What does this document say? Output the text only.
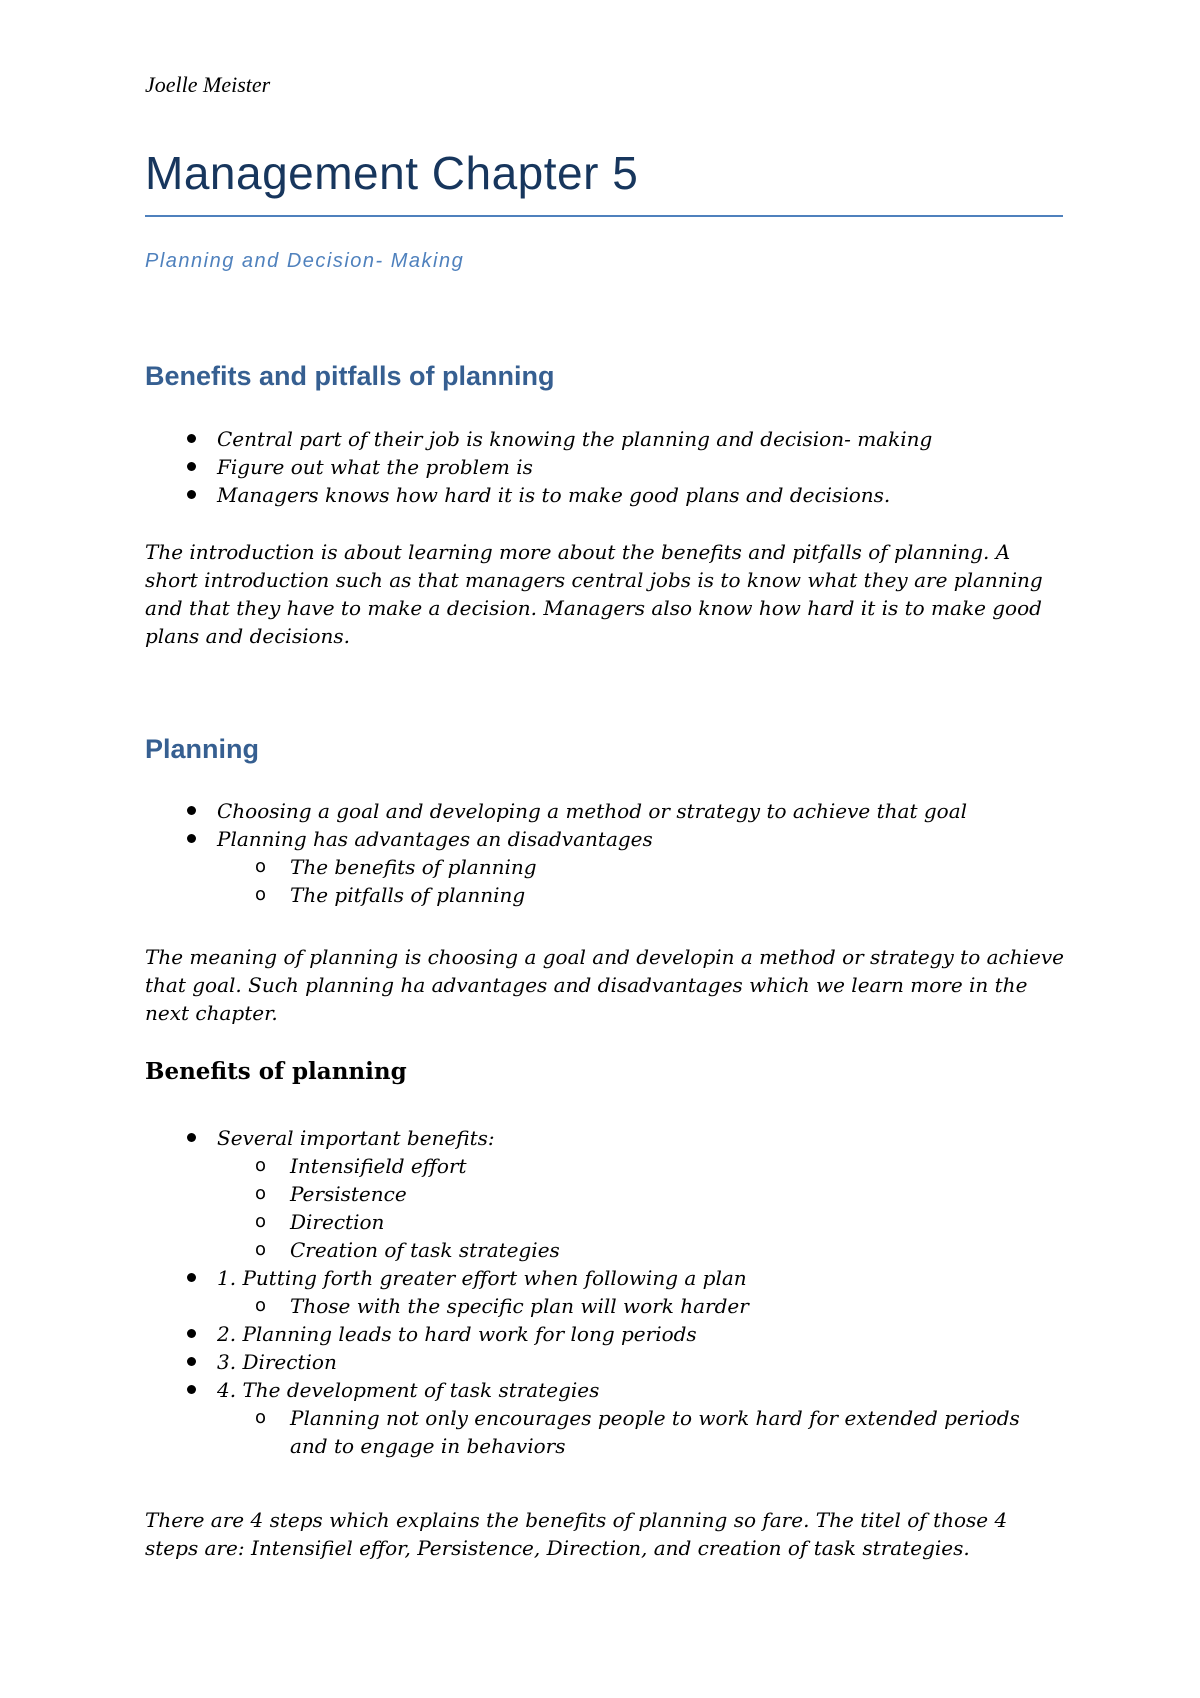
Joelle Meister
Management Chapter 5
Planning and Decision- Making
Benefits and pitfalls of planning
Central part of their job is knowing the planning and decision- making
Figure out what the problem is
Managers knows how hard it is to make good plans and decisions.

The introduction is about learning more about the benefits and pitfalls of planning. A short introduction such as that managers central jobs is to know what they are planning and that they have to make a decision. Managers also know how hard it is to make good plans and decisions.

Planning
Choosing a goal and developing a method or strategy to achieve that goal
Planning has advantages an disadvantages
o The benefits of planning
o The pitfalls of planning

The meaning of planning is choosing a goal and developin a method or strategy to achieve that goal. Such planning ha advantages and disadvantages which we learn more in the next chapter.

Benefits of planning
Several important benefits:
o Intensifield effort
o Persistence
o Direction
o Creation of task strategies
1. Putting forth greater effort when following a plan
o Those with the specific plan will work harder
2. Planning leads to hard work for long periods
3. Direction
4. The development of task strategies
o Planning not only encourages people to work hard for extended periods and to engage in behaviors

There are 4 steps which explains the benefits of planning so fare. The titel of those 4 steps are: Intensifiel effor, Persistence, Direction, and creation of task strategies.
